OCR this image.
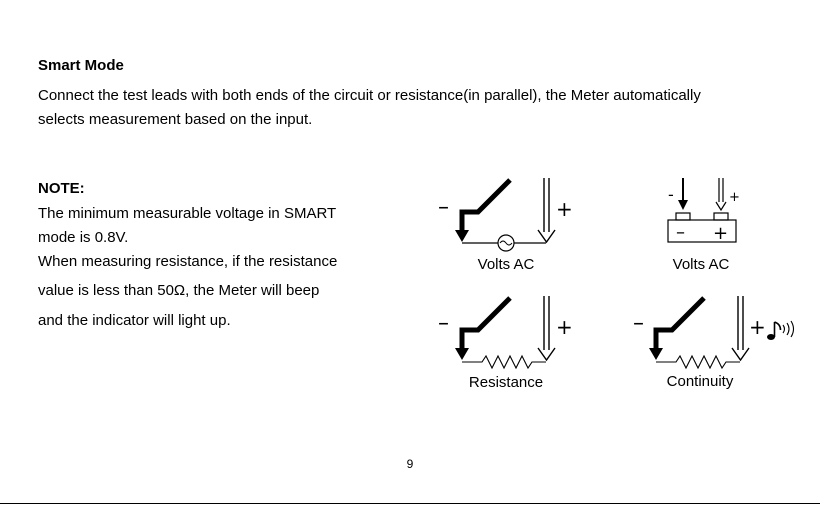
Smart Mode
Connect the test leads with both ends of the circuit or resistance(in parallel), the Meter automatically
selects measurement based on the input.
NOTE:
The minimum measurable voltage in SMART
mode is 0.8V.
When measuring resistance, if the resistance
value is less than 50Ω, the Meter will beep
and the indicator will light up.
–	+
-	+
– +
–	+	–	+
Volts AC	Volts AC
Resistance	Continuity
9
